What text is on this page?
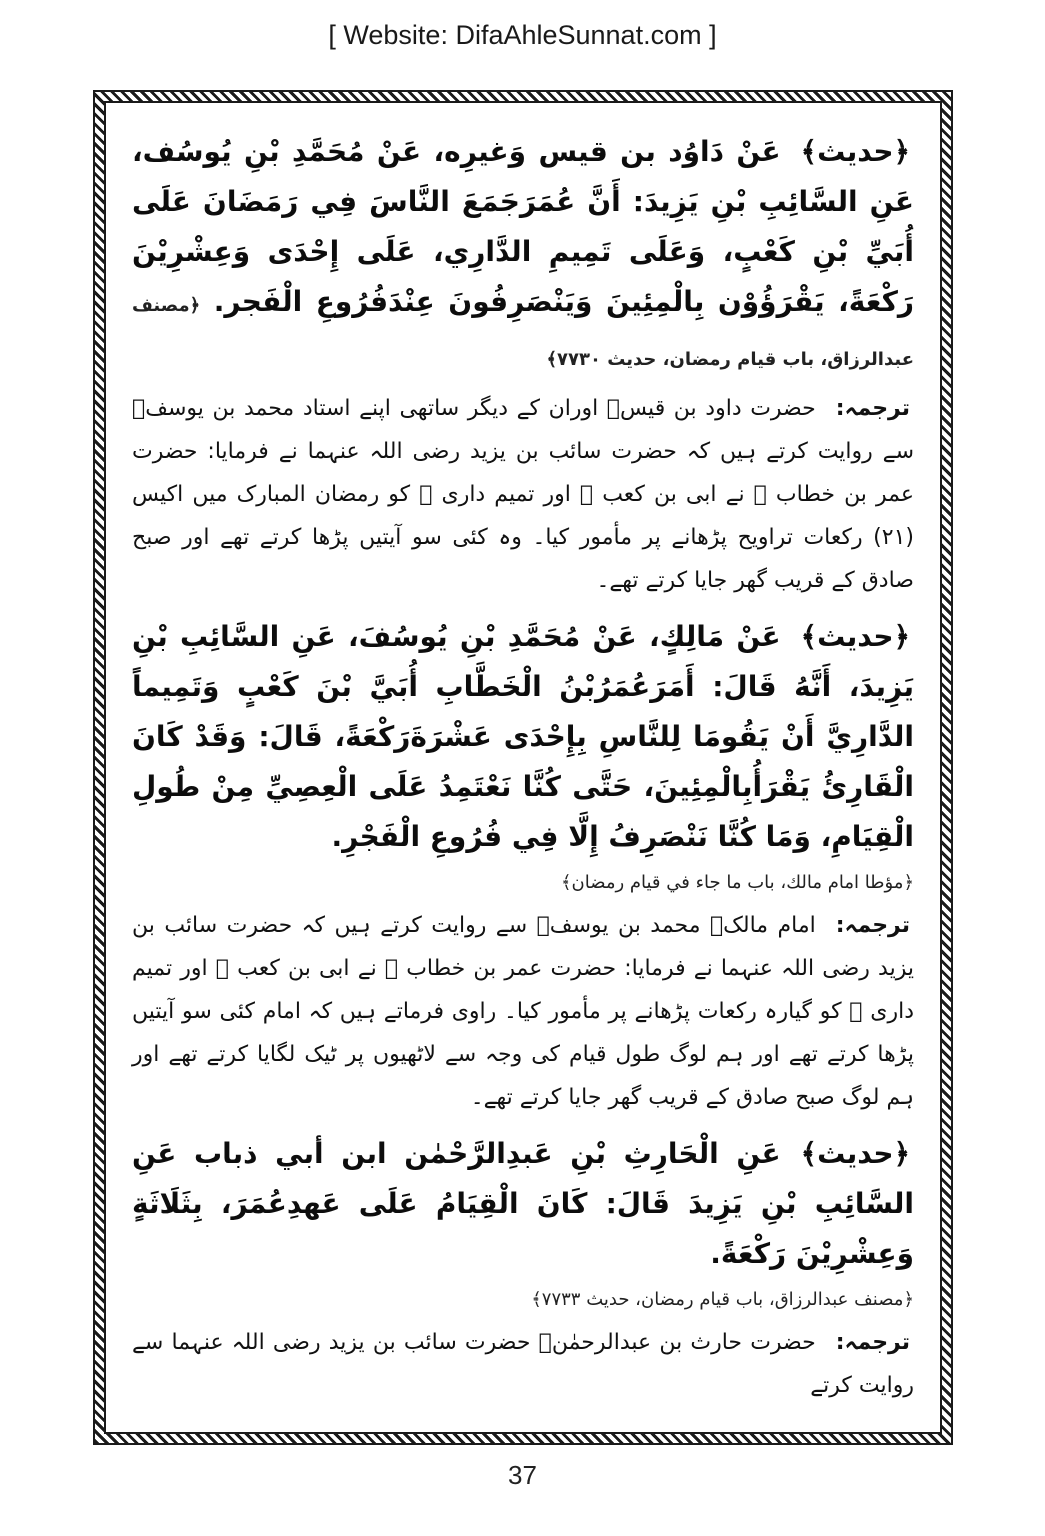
[ Website: DifaAhleSunnat.com ]
﴿حديث﴾عَنْ دَاوُد بن قيس وَغيرِه، عَنْ مُحَمَّدِ بْنِ يُوسُف، عَنِ السَّائِبِ بْنِ يَزِيدَ: أَنَّ عُمَرَجَمَعَ النَّاسَ فِي رَمَضَانَ عَلَى أُبَيِّ بْنِ كَعْبٍ، وَعَلَى تَمِيمِ الدَّارِي، عَلَى إِحْدَى وَعِشْرِيْنَ رَكْعَةً، يَقْرَؤُوْن بِالْمِئِينَ وَيَنْصَرِفُونَ عِنْدَفُرُوعِ الْفَجر. ﴿مصنف عبدالرزاق، باب قيام رمضان، حديث ٧٧٣٠﴾
ترجمہ:حضرت داود بن قیسؒ اوران کے دیگر ساتھی اپنے استاد محمد بن یوسفؒ سے روایت کرتے ہیں کہ حضرت سائب بن یزید رضی اللہ عنہما نے فرمایا: حضرت عمر بن خطاب ﷛ نے ابی بن کعب ﷛ اور تمیم داری ﷛ کو رمضان المبارک میں اکیس (۲۱) رکعات تراویح پڑھانے پر مأمور کیا۔ وہ کئی سو آیتیں پڑھا کرتے تھے اور صبح صادق کے قریب گھر جایا کرتے تھے۔
﴿حديث﴾عَنْ مَالِكٍ، عَنْ مُحَمَّدِ بْنِ يُوسُفَ، عَنِ السَّائِبِ بْنِ يَزِيدَ، أَنَّهُ قَالَ: أَمَرَعُمَرُبْنُ الْخَطَّابِ أُبَيَّ بْنَ كَعْبٍ وَتَمِيماً الدَّارِيَّ أَنْ يَقُومَا لِلنَّاسِ بِإِحْدَى عَشْرَةَرَكْعَةً، قَالَ: وَقَدْ كَانَ الْقَارِئُ يَقْرَأُبِالْمِئِينَ، حَتَّى كُنَّا نَعْتَمِدُ عَلَى الْعِصِيِّ مِنْ طُولِ الْقِيَامِ، وَمَا كُنَّا نَنْصَرِفُ إِلَّا فِي فُرُوعِ الْفَجْرِ.
﴿مؤطا امام مالك، باب ما جاء في قيام رمضان﴾
ترجمہ:امام مالکؒ محمد بن یوسفؒ سے روایت کرتے ہیں کہ حضرت سائب بن یزید رضی اللہ عنہما نے فرمایا: حضرت عمر بن خطاب ﷛ نے ابی بن کعب ﷛ اور تمیم داری ﷛ کو گیارہ رکعات پڑھانے پر مأمور کیا۔ راوی فرماتے ہیں کہ امام کئی سو آیتیں پڑھا کرتے تھے اور ہم لوگ طول قیام کی وجہ سے لاٹھیوں پر ٹیک لگایا کرتے تھے اور ہم لوگ صبح صادق کے قریب گھر جایا کرتے تھے۔
﴿حديث﴾عَنِ الْحَارِثِ بْنِ عَبدِالرَّحْمٰن ابن أبي ذباب عَنِ السَّائِبِ بْنِ يَزِيدَ قَالَ: كَانَ الْقِيَامُ عَلَى عَهدِعُمَرَ، بِثَلَاثَةٍ وَعِشْرِيْنَ رَكْعَةً.
﴿مصنف عبدالرزاق، باب قيام رمضان، حديث ٧٧٣٣﴾
ترجمہ:حضرت حارث بن عبدالرحمٰنؒ حضرت سائب بن یزید رضی اللہ عنہما سے روایت کرتے
37
